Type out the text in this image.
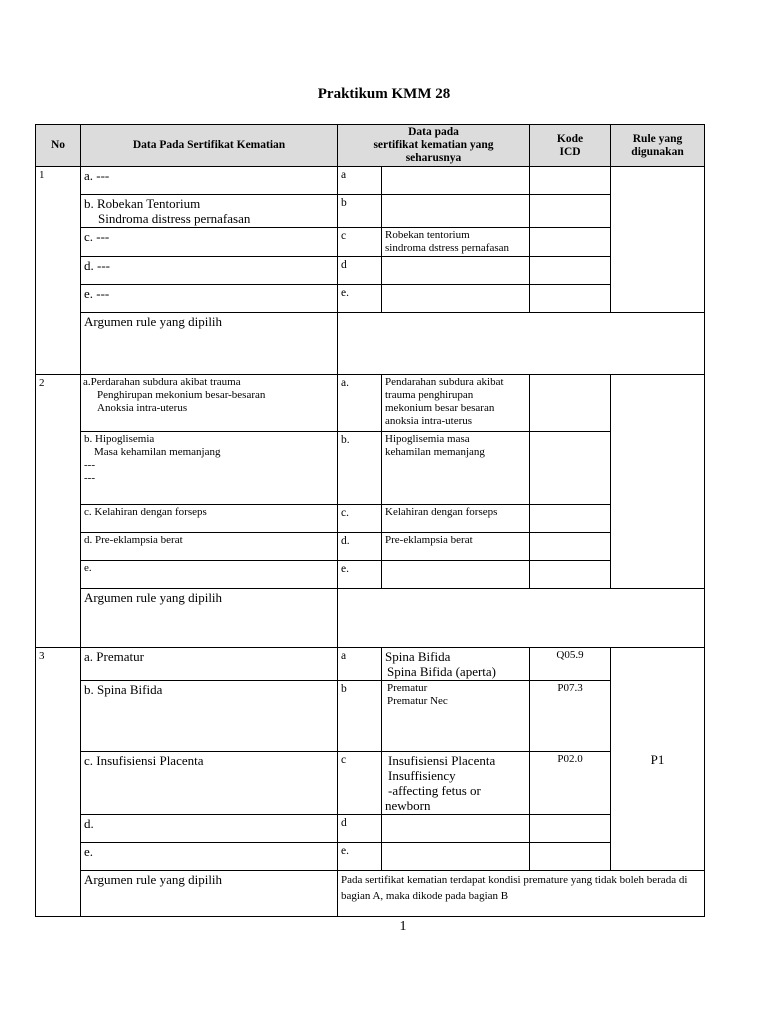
Praktikum KMM 28
No	Data Pada Sertifikat Kematian	Data pada
sertifikat kematian yang
seharusnya		Kode
ICD	Rule yang
digunakan

1	a. ---	a			

	b. Robekan Tentorium
Sindroma distress pernafasan	b			

	c. ---	c	Robekan tentorium
sindroma dstress pernafasan		

	d. ---	d			

	e. ---	e.			
	Argumen rule yang dipilih				
2	a.Perdarahan subdura akibat trauma
Penghirupan mekonium besar-besaran
Anoksia intra-uterus	a.	Pendarahan subdura akibat
trauma penghirupan
mekonium besar besaran
anoksia intra-uterus		

	b. Hipoglisemia
Masa kehamilan memanjang
---
---	b.	Hipoglisemia masa
kehamilan memanjang		

	c. Kelahiran dengan forseps	c.	Kelahiran dengan forseps		

	d. Pre-eklampsia berat	d.	Pre-eklampsia berat		

	e.	e.			
	Argumen rule yang dipilih				
3	a. Prematur	a	Spina Bifida
Spina Bifida (aperta)	Q05.9	P1

	b. Spina Bifida	b	Prematur
Prematur Nec	P07.3	

	c. Insufisiensi Placenta	c	Insufisiensi Placenta
Insuffisiency
-affecting fetus or
newborn	P02.0	

	d.	d			

	e.	e.			
	Argumen rule yang dipilih	Pada sertifikat kematian terdapat kondisi premature yang tidak boleh berada di bagian A, maka dikode pada bagian B			
1
